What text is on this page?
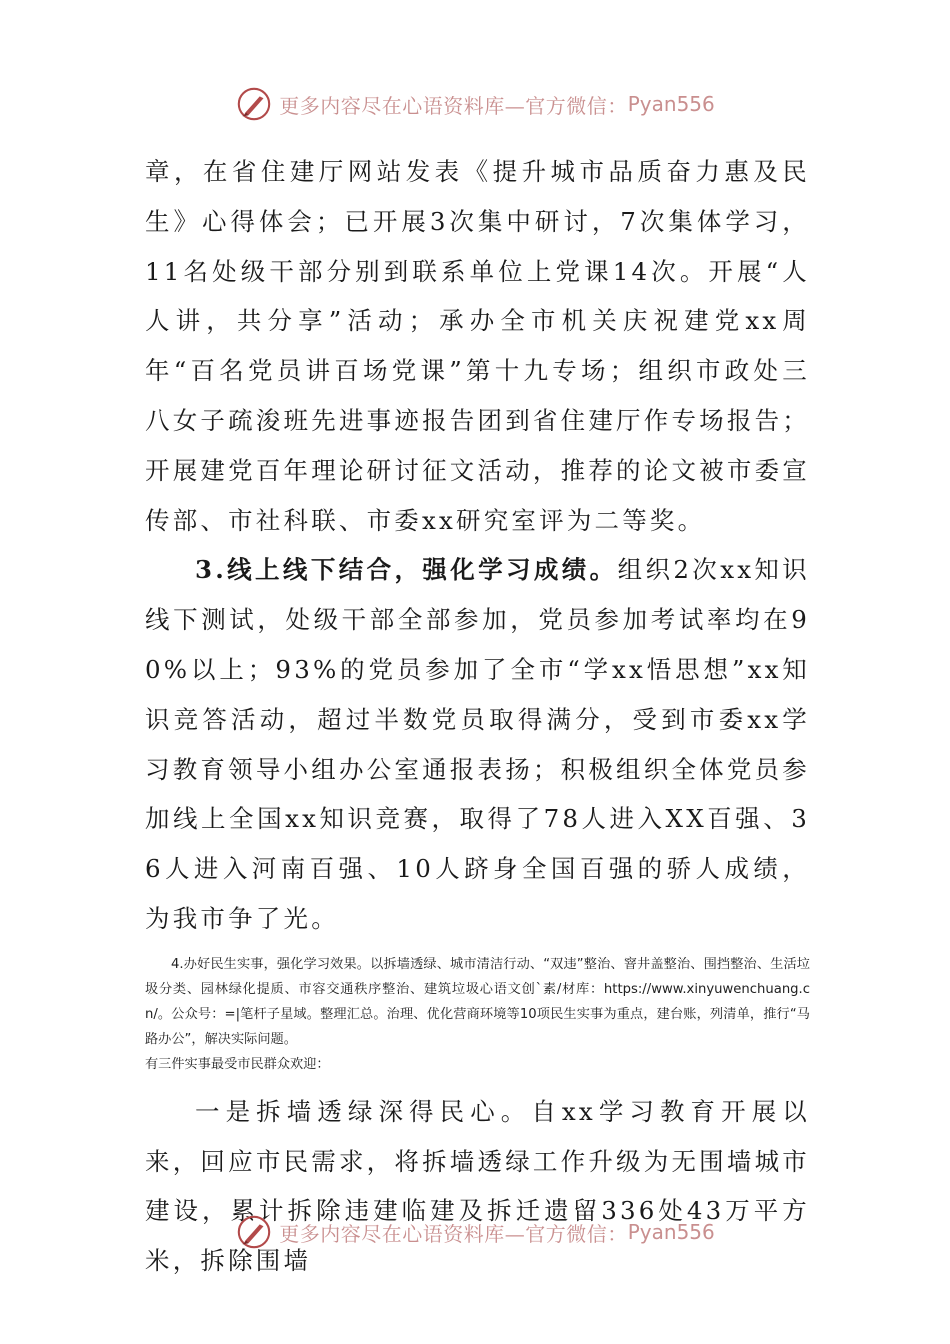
更多内容尽在心语资料库—官方微信： Pyan556

章，在省住建厅网站发表《提升城市品质奋力惠及民生》心得体会；已开展3次集中研讨，7次集体学习，11名处级干部分别到联系单位上党课14次。开展“人人讲，共分享”活动；承办全市机关庆祝建党xx周年“百名党员讲百场党课”第十九专场；组织市政处三八女子疏浚班先进事迹报告团到省住建厅作专场报告；开展建党百年理论研讨征文活动，推荐的论文被市委宣传部、市社科联、市委xx研究室评为二等奖。

3.线上线下结合，强化学习成绩。组织2次xx知识线下测试，处级干部全部参加，党员参加考试率均在90%以上；93%的党员参加了全市“学xx悟思想”xx知识竞答活动，超过半数党员取得满分，受到市委xx学习教育领导小组办公室通报表扬；积极组织全体党员参加线上全国xx知识竞赛，取得了78人进入XX百强、36人进入河南百强、10人跻身全国百强的骄人成绩，为我市争了光。

4.办好民生实事，强化学习效果。以拆墙透绿、城市清洁行动、“双违”整治、窨井盖整治、围挡整治、生活垃圾分类、园林绿化提质、市容交通秩序整治、建筑垃圾心语文创`素/材库：https://www.xinyuwenchuang.cn/。公众号：=|笔杆子星域。整理汇总。治理、优化营商环境等10项民生实事为重点，建台账，列清单，推行“马路办公”，解决实际问题。
有三件实事最受市民群众欢迎：

一是拆墙透绿深得民心。自xx学习教育开展以来，回应市民需求，将拆墙透绿工作升级为无围墙城市建设，累计拆除违建临建及拆迁遗留336处43万平方米，拆除围墙

更多内容尽在心语资料库—官方微信： Pyan556
